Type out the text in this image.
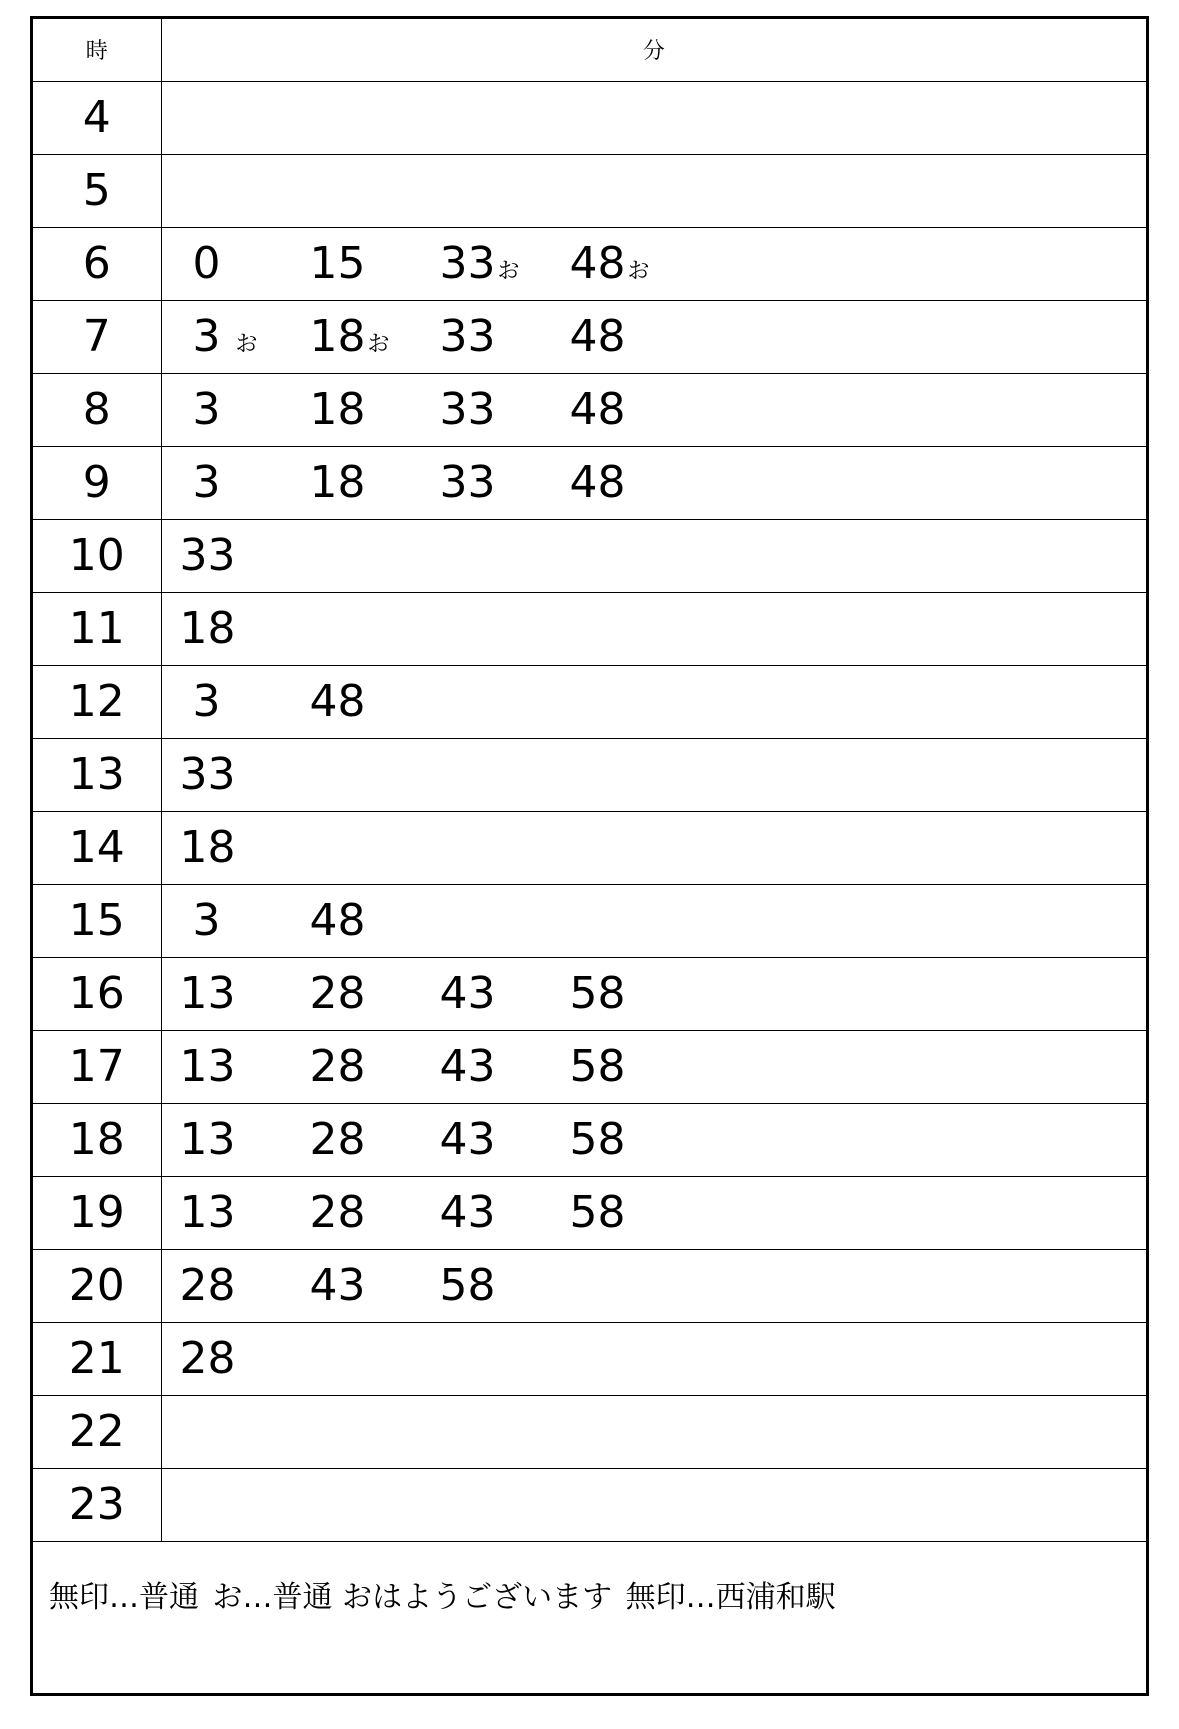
時	分
4	
5	
6	0 15 33お 48お
7	3 お 18お 33 48
8	3 18 33 48
9	3 18 33 48
10	33
11	18
12	3 48
13	33
14	18
15	3 48
16	13 28 43 58
17	13 28 43 58
18	13 28 43 58
19	13 28 43 58
20	28 43 58
21	28
22	
23	
無印…普通 お…普通 おはようございます 無印…西浦和駅
